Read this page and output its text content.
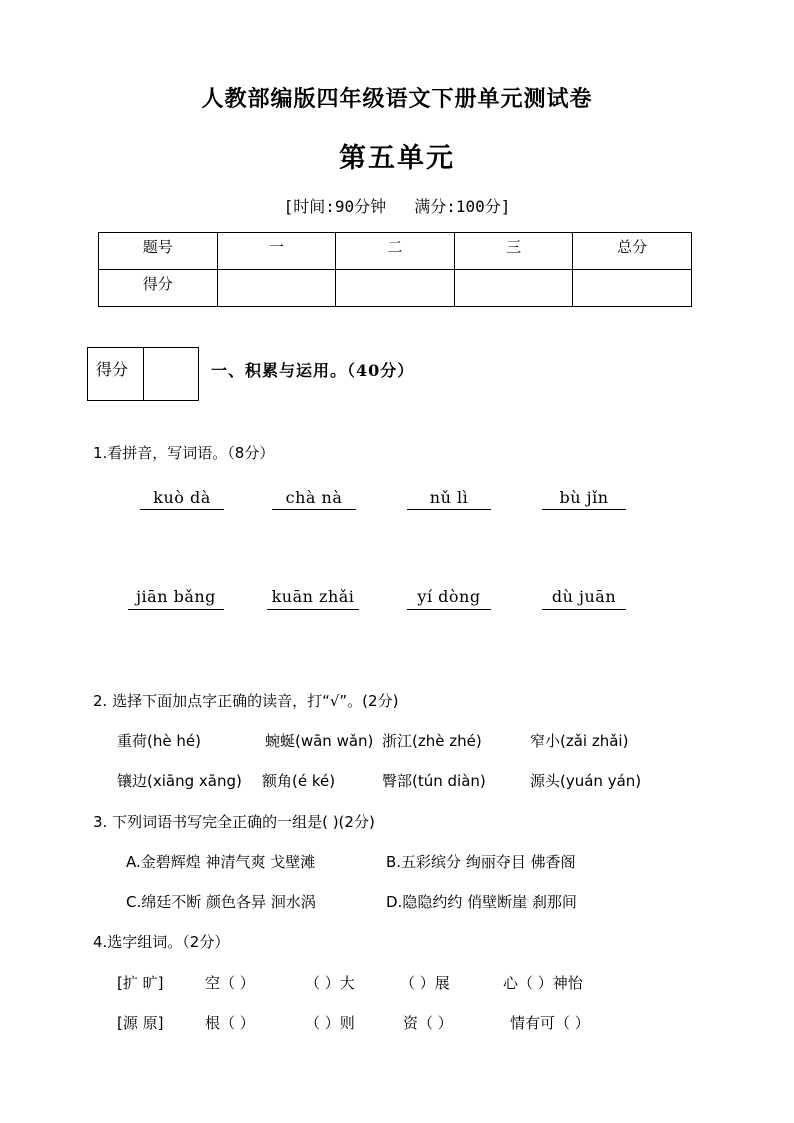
人教部编版四年级语文下册单元测试卷
第五单元
[时间:90分钟 满分:100分]
题号	一	二	三	总分
得分				
得分	一、积累与运用。（40分）
1.看拼音，写词语。（8分）
kuò dà	chà nà	nǔ lì	bù jǐn
jiān bǎng	kuān zhǎi	yí dòng	dù juān
2. 选择下面加点字正确的读音，打“√”。(2分)
重荷(hè hé)	蜿蜒(wān wǎn) 浙江(zhè zhé)	窄小(zǎi zhǎi)
镶边(xiāng xāng) 额角(é ké)	臀部(tún diàn)	源头(yuán yán)
3. 下列词语书写完全正确的一组是( )(2分)
A.金碧辉煌 神清气爽 戈壁滩	B.五彩缤分 绚丽夺目 佛香阁
C.绵廷不断 颜色各异 洄水涡	D.隐隐约约 俏壁断崖 刹那间
4.选字组词。（2分）
[扩 旷]	空（ ）	（ ）大	（ ）展	心（ ）神怡
[源 原]	根（ ）	（ ）则	资（ ）	情有可（ ）
